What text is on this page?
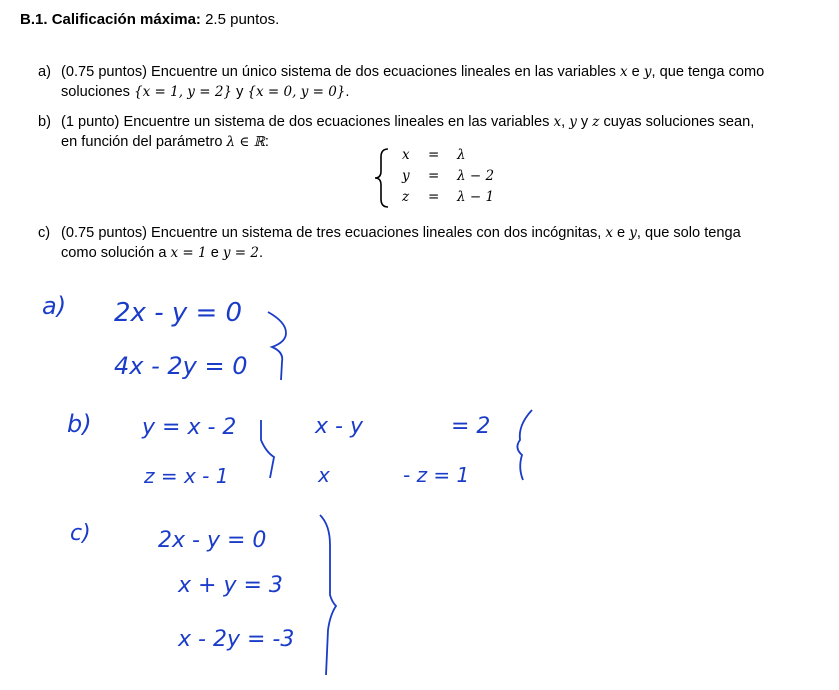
B.1. Calificación máxima: 2.5 puntos.
a) (0.75 puntos) Encuentre un único sistema de dos ecuaciones lineales en las variables x e y, que tenga como
soluciones {x = 1, y = 2} y {x = 0, y = 0}.
b) (1 punto) Encuentre un sistema de dos ecuaciones lineales en las variables x, y y z cuyas soluciones sean,
en función del parámetro λ ∈ ℝ:
x = λ
y = λ − 2
z = λ − 1
c) (0.75 puntos) Encuentre un sistema de tres ecuaciones lineales con dos incógnitas, x e y, que solo tenga
como solución a x = 1 e y = 2.
a) 2x - y = 0
4x - 2y = 0
b) y = x - 2
z = x - 1
x - y	= 2
x	- z = 1
c)	2x - y = 0
x + y = 3
x - 2y = -3
